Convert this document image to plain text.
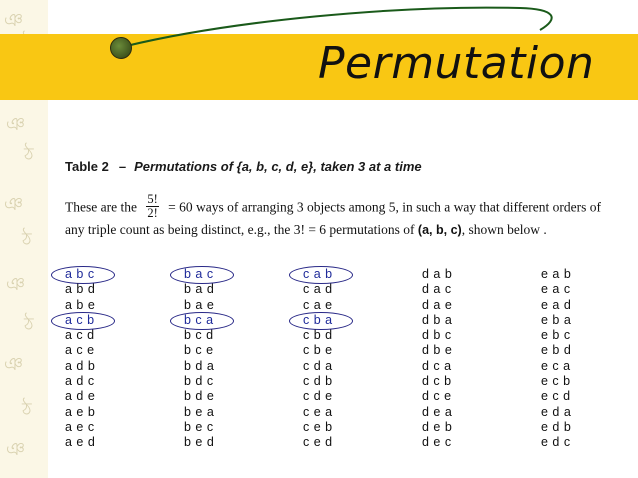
ঞ
ঞ
ঠ
ঞ
ঠ
ঞ
ঠ
ঞ
ঠ
ঞ
Permutation
Table 2 – Permutations of {a, b, c, d, e}, taken 3 at a time
These are the $\frac{5!}{2!} = 60$ ways of arranging 3 objects among 5, in such a way that different orders of
any triple count as being distinct, e.g., the 3! = 6 permutations of (a, b, c), shown below .
a b c
a b d
a b e
a c b
a c d
a c e
a d b
a d c
a d e
a e b
a e c
a e d
b a c
b a d
b a e
b c a
b c d
b c e
b d a
b d c
b d e
b e a
b e c
b e d
c a b
c a d
c a e
c b a
c b d
c b e
c d a
c d b
c d e
c e a
c e b
c e d
d a b
d a c
d a e
d b a
d b c
d b e
d c a
d c b
d c e
d e a
d e b
d e c
e a b
e a c
e a d
e b a
e b c
e b d
e c a
e c b
e c d
e d a
e d b
e d c
